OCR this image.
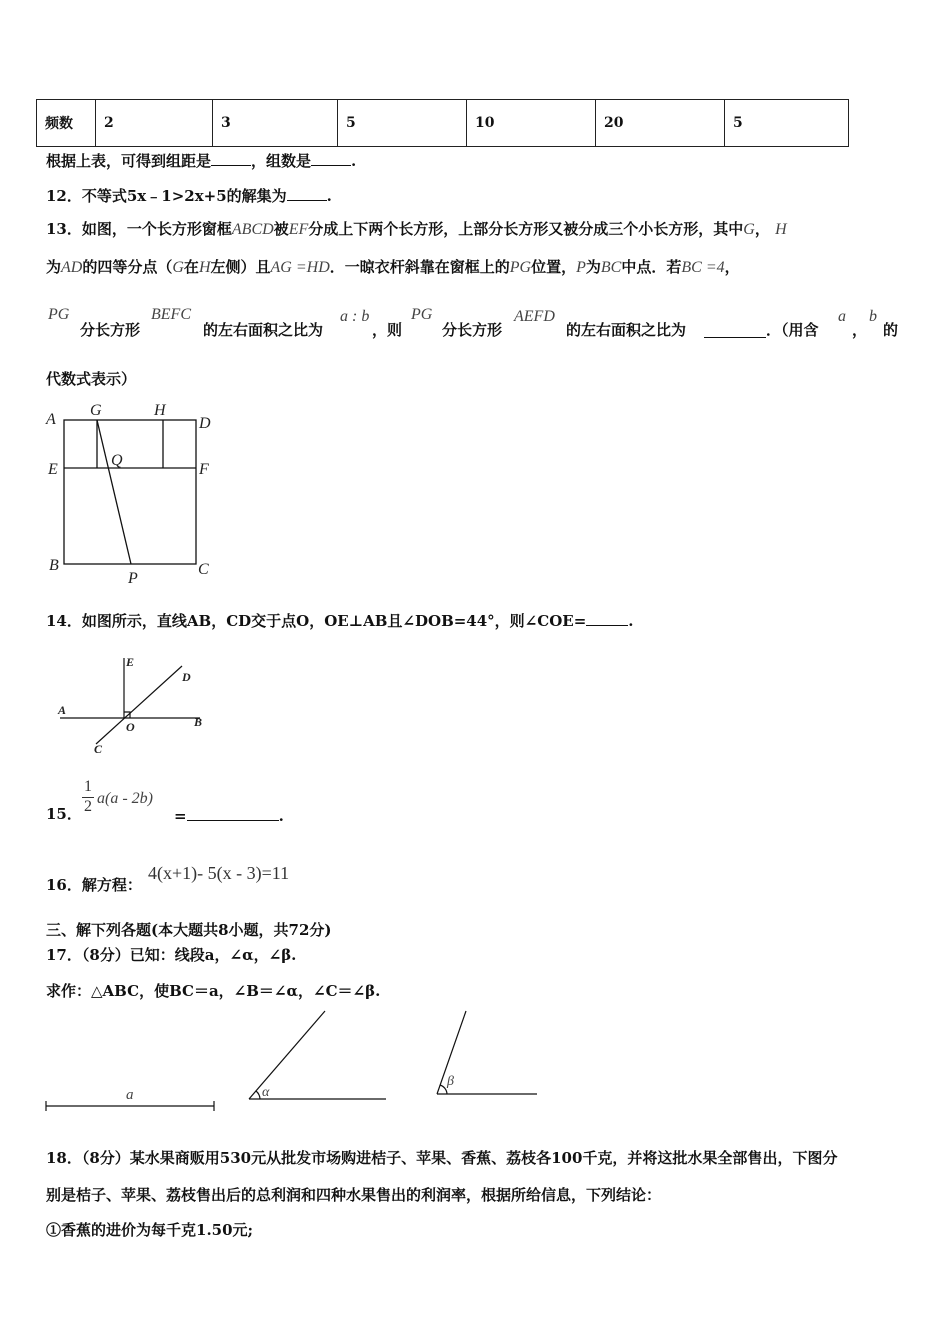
频数	2	3	5	10	20	5
根据上表，可得到组距是	，组数是	.
12．不等式5x﹣1>2x+5的解集为	.
13．如图，一个长方形窗框ABCD被EF分成上下两个长方形，上部分长方形又被分成三个小长方形，其中G， H
为AD的四等分点（G在H左侧）且AG =HD．一晾衣杆斜靠在窗框上的PG位置，P为BC中点．若BC =4，
PG
分长方形
BEFC
的左右面积之比为
a : b
，则
PG
分长方形
AEFD
的左右面积之比为	．（用含
a
，
b
的
代数式表示）
A
G	H
D
E
Q
F
B
P
C
14．如图所示，直线AB，CD交于点O，OE⊥AB且∠DOB=44°，则∠COE=	.
E
D
A
O	B
C
15． $\frac{1}{2} a(a - 2b)$
=	.
16．解方程：
4(x+1)- 5(x - 3)=11
三、解下列各题(本大题共8小题，共72分)
17．（8分）已知：线段a，∠α，∠β.
求作：△ABC，使BC＝a，∠B＝∠α，∠C＝∠β.
a	α
β
18．（8分）某水果商贩用530元从批发市场购进桔子、苹果、香蕉、荔枝各100千克，并将这批水果全部售出，下图分
别是桔子、苹果、荔枝售出后的总利润和四种水果售出的利润率，根据所给信息，下列结论：
①香蕉的进价为每千克1.50元;
